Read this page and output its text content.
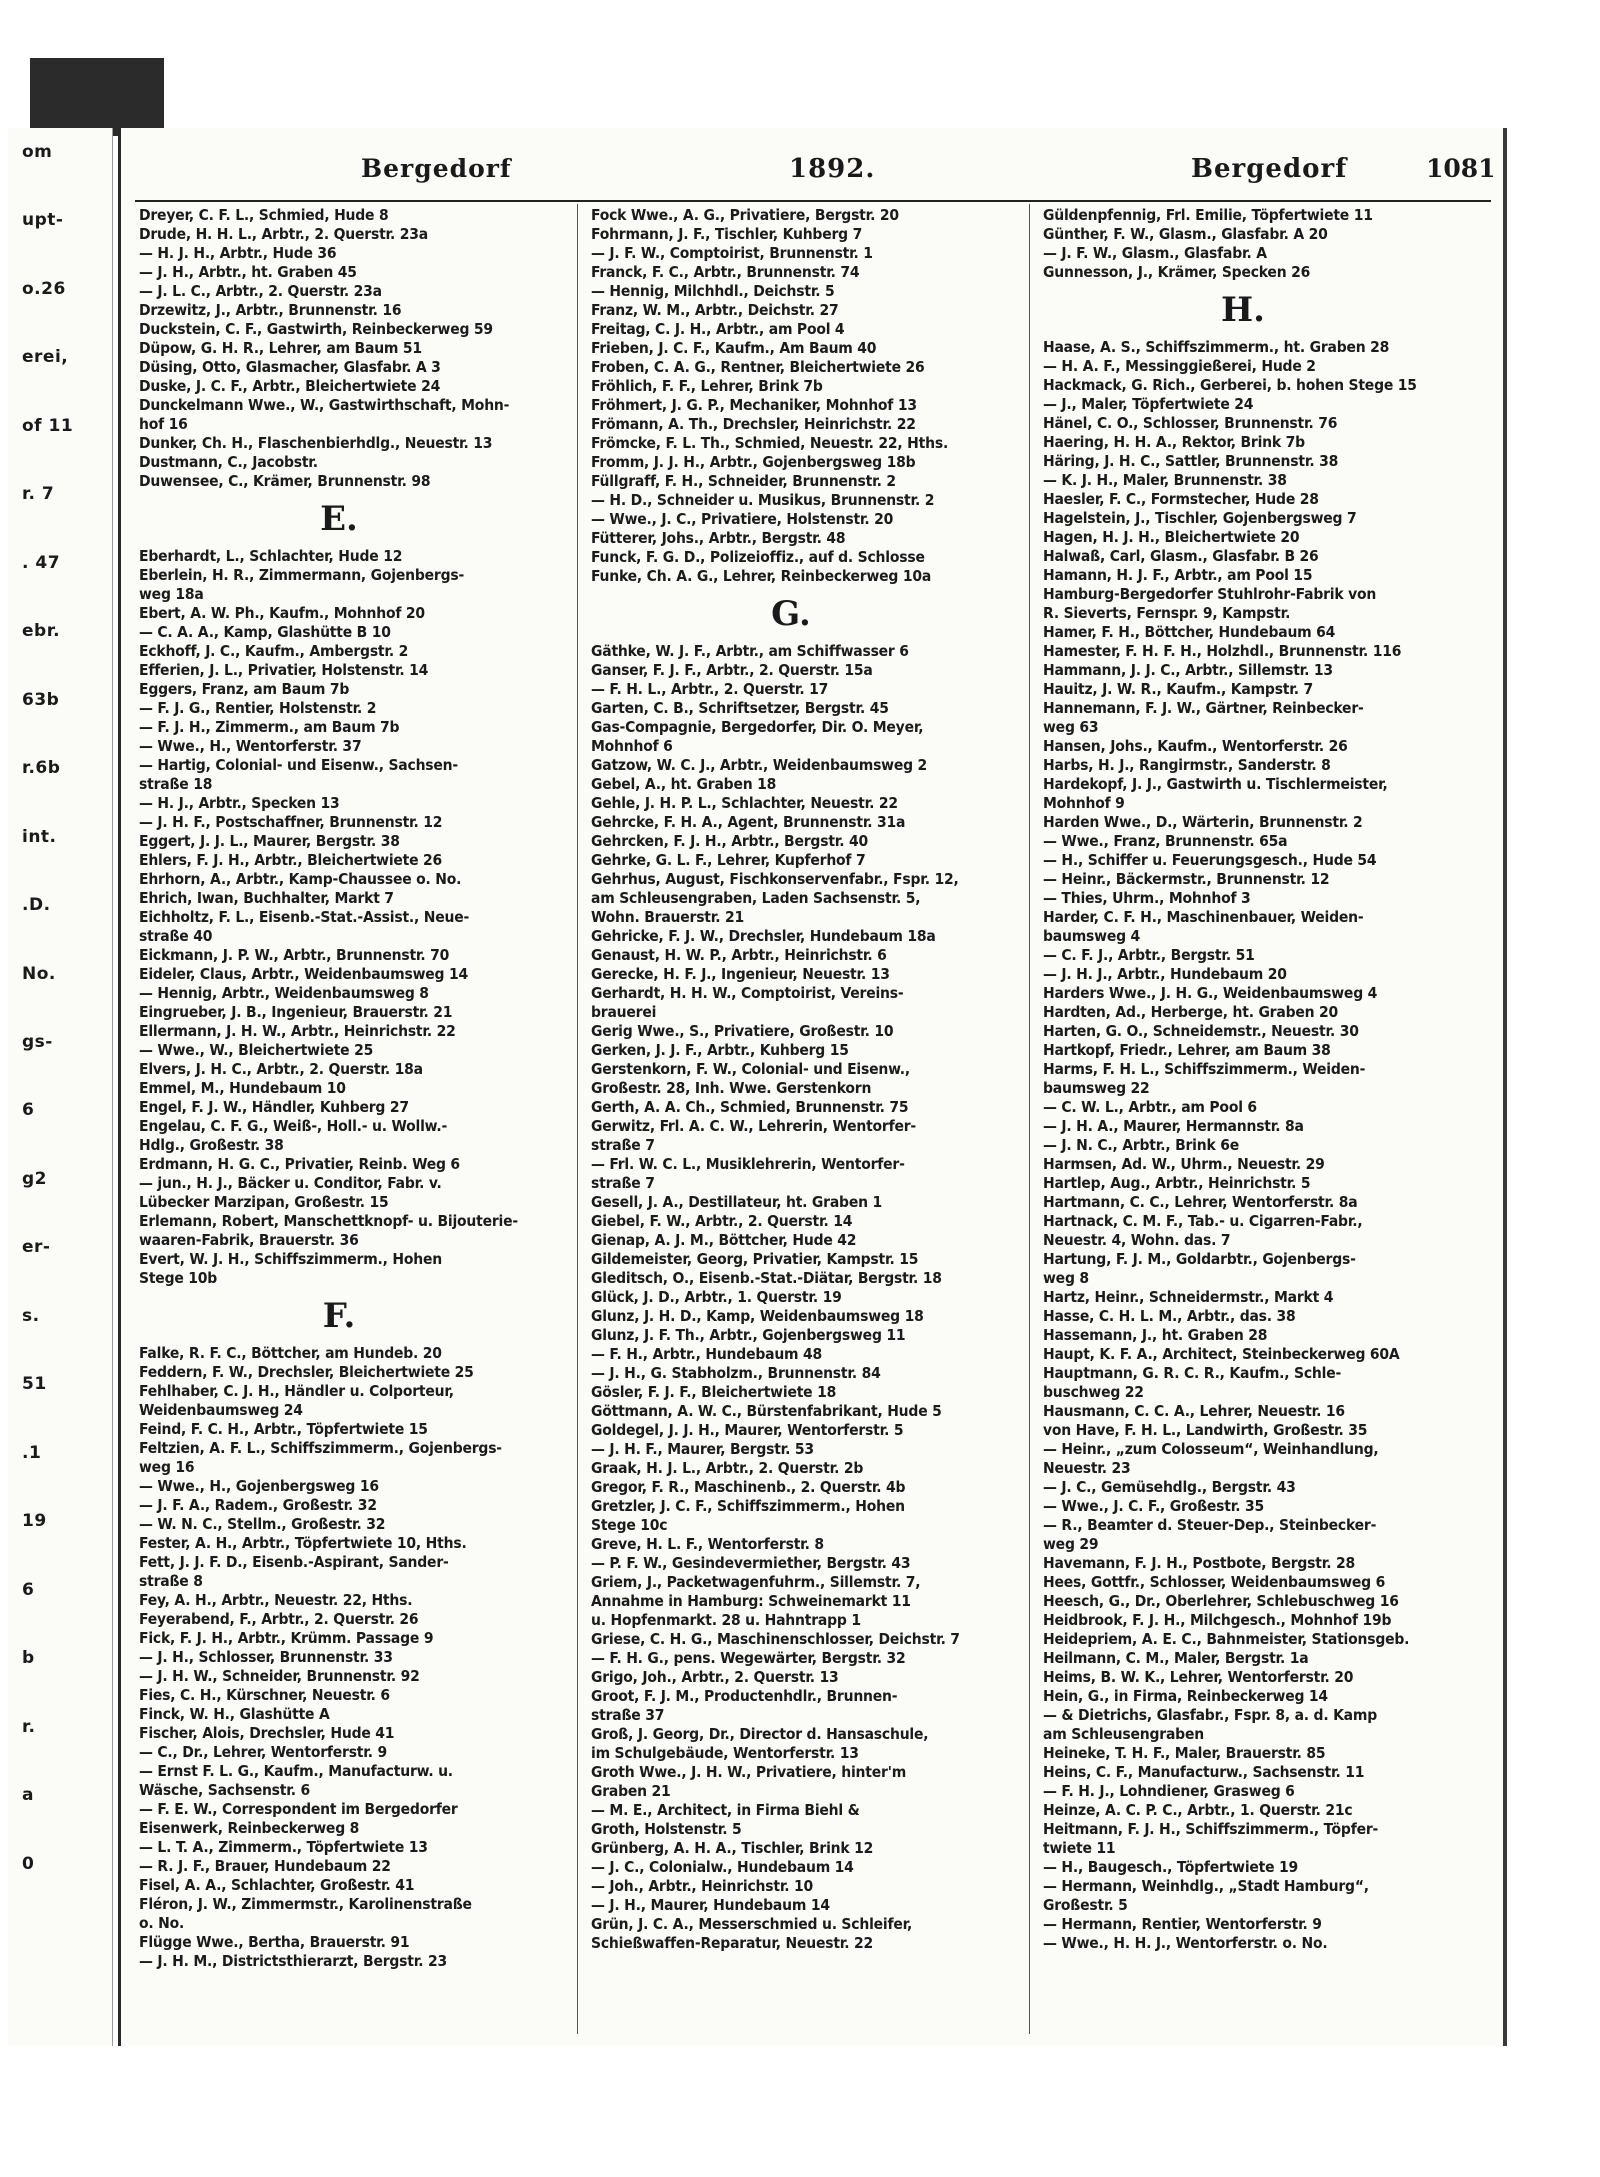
om
upt-
o.26
erei,
of 11
r. 7
. 47
ebr.
63b
r.6b
int.
.D.
No.
gs-
6
g2
er-
s.
51
.1
19
6
b
r.
a
0
Bergedorf	1892.	Bergedorf	1081
Dreyer, C. F. L., Schmied, Hude 8
Drude, H. H. L., Arbtr., 2. Querstr. 23a
— H. J. H., Arbtr., Hude 36
— J. H., Arbtr., ht. Graben 45
— J. L. C., Arbtr., 2. Querstr. 23a
Drzewitz, J., Arbtr., Brunnenstr. 16
Duckstein, C. F., Gastwirth, Reinbeckerweg 59
Düpow, G. H. R., Lehrer, am Baum 51
Düsing, Otto, Glasmacher, Glasfabr. A 3
Duske, J. C. F., Arbtr., Bleichertwiete 24
Dunckelmann Wwe., W., Gastwirthschaft, Mohn-
hof 16
Dunker, Ch. H., Flaschenbierhdlg., Neuestr. 13
Dustmann, C., Jacobstr.
Duwensee, C., Krämer, Brunnenstr. 98
E.
Eberhardt, L., Schlachter, Hude 12
Eberlein, H. R., Zimmermann, Gojenbergs-
weg 18a
Ebert, A. W. Ph., Kaufm., Mohnhof 20
— C. A. A., Kamp, Glashütte B 10
Eckhoff, J. C., Kaufm., Ambergstr. 2
Efferien, J. L., Privatier, Holstenstr. 14
Eggers, Franz, am Baum 7b
— F. J. G., Rentier, Holstenstr. 2
— F. J. H., Zimmerm., am Baum 7b
— Wwe., H., Wentorferstr. 37
— Hartig, Colonial- und Eisenw., Sachsen-
straße 18
— H. J., Arbtr., Specken 13
— J. H. F., Postschaffner, Brunnenstr. 12
Eggert, J. J. L., Maurer, Bergstr. 38
Ehlers, F. J. H., Arbtr., Bleichertwiete 26
Ehrhorn, A., Arbtr., Kamp-Chaussee o. No.
Ehrich, Iwan, Buchhalter, Markt 7
Eichholtz, F. L., Eisenb.-Stat.-Assist., Neue-
straße 40
Eickmann, J. P. W., Arbtr., Brunnenstr. 70
Eideler, Claus, Arbtr., Weidenbaumsweg 14
— Hennig, Arbtr., Weidenbaumsweg 8
Eingrueber, J. B., Ingenieur, Brauerstr. 21
Ellermann, J. H. W., Arbtr., Heinrichstr. 22
— Wwe., W., Bleichertwiete 25
Elvers, J. H. C., Arbtr., 2. Querstr. 18a
Emmel, M., Hundebaum 10
Engel, F. J. W., Händler, Kuhberg 27
Engelau, C. F. G., Weiß-, Holl.- u. Wollw.-
Hdlg., Großestr. 38
Erdmann, H. G. C., Privatier, Reinb. Weg 6
— jun., H. J., Bäcker u. Conditor, Fabr. v.
Lübecker Marzipan, Großestr. 15
Erlemann, Robert, Manschettknopf- u. Bijouterie-
waaren-Fabrik, Brauerstr. 36
Evert, W. J. H., Schiffszimmerm., Hohen
Stege 10b
F.
Falke, R. F. C., Böttcher, am Hundeb. 20
Feddern, F. W., Drechsler, Bleichertwiete 25
Fehlhaber, C. J. H., Händler u. Colporteur,
Weidenbaumsweg 24
Feind, F. C. H., Arbtr., Töpfertwiete 15
Feltzien, A. F. L., Schiffszimmerm., Gojenbergs-
weg 16
— Wwe., H., Gojenbergsweg 16
— J. F. A., Radem., Großestr. 32
— W. N. C., Stellm., Großestr. 32
Fester, A. H., Arbtr., Töpfertwiete 10, Hths.
Fett, J. J. F. D., Eisenb.-Aspirant, Sander-
straße 8
Fey, A. H., Arbtr., Neuestr. 22, Hths.
Feyerabend, F., Arbtr., 2. Querstr. 26
Fick, F. J. H., Arbtr., Krümm. Passage 9
— J. H., Schlosser, Brunnenstr. 33
— J. H. W., Schneider, Brunnenstr. 92
Fies, C. H., Kürschner, Neuestr. 6
Finck, W. H., Glashütte A
Fischer, Alois, Drechsler, Hude 41
— C., Dr., Lehrer, Wentorferstr. 9
— Ernst F. L. G., Kaufm., Manufacturw. u.
Wäsche, Sachsenstr. 6
— F. E. W., Correspondent im Bergedorfer
Eisenwerk, Reinbeckerweg 8
— L. T. A., Zimmerm., Töpfertwiete 13
— R. J. F., Brauer, Hundebaum 22
Fisel, A. A., Schlachter, Großestr. 41
Fléron, J. W., Zimmermstr., Karolinenstraße
o. No.
Flügge Wwe., Bertha, Brauerstr. 91
— J. H. M., Districtsthierarzt, Bergstr. 23
Fock Wwe., A. G., Privatiere, Bergstr. 20
Fohrmann, J. F., Tischler, Kuhberg 7
— J. F. W., Comptoirist, Brunnenstr. 1
Franck, F. C., Arbtr., Brunnenstr. 74
— Hennig, Milchhdl., Deichstr. 5
Franz, W. M., Arbtr., Deichstr. 27
Freitag, C. J. H., Arbtr., am Pool 4
Frieben, J. C. F., Kaufm., Am Baum 40
Froben, C. A. G., Rentner, Bleichertwiete 26
Fröhlich, F. F., Lehrer, Brink 7b
Fröhmert, J. G. P., Mechaniker, Mohnhof 13
Frömann, A. Th., Drechsler, Heinrichstr. 22
Frömcke, F. L. Th., Schmied, Neuestr. 22, Hths.
Fromm, J. J. H., Arbtr., Gojenbergsweg 18b
Füllgraff, F. H., Schneider, Brunnenstr. 2
— H. D., Schneider u. Musikus, Brunnenstr. 2
— Wwe., J. C., Privatiere, Holstenstr. 20
Fütterer, Johs., Arbtr., Bergstr. 48
Funck, F. G. D., Polizeioffiz., auf d. Schlosse
Funke, Ch. A. G., Lehrer, Reinbeckerweg 10a
G.
Gäthke, W. J. F., Arbtr., am Schiffwasser 6
Ganser, F. J. F., Arbtr., 2. Querstr. 15a
— F. H. L., Arbtr., 2. Querstr. 17
Garten, C. B., Schriftsetzer, Bergstr. 45
Gas-Compagnie, Bergedorfer, Dir. O. Meyer,
Mohnhof 6
Gatzow, W. C. J., Arbtr., Weidenbaumsweg 2
Gebel, A., ht. Graben 18
Gehle, J. H. P. L., Schlachter, Neuestr. 22
Gehrcke, F. H. A., Agent, Brunnenstr. 31a
Gehrcken, F. J. H., Arbtr., Bergstr. 40
Gehrke, G. L. F., Lehrer, Kupferhof 7
Gehrhus, August, Fischkonservenfabr., Fspr. 12,
am Schleusengraben, Laden Sachsenstr. 5,
Wohn. Brauerstr. 21
Gehricke, F. J. W., Drechsler, Hundebaum 18a
Genaust, H. W. P., Arbtr., Heinrichstr. 6
Gerecke, H. F. J., Ingenieur, Neuestr. 13
Gerhardt, H. H. W., Comptoirist, Vereins-
brauerei
Gerig Wwe., S., Privatiere, Großestr. 10
Gerken, J. J. F., Arbtr., Kuhberg 15
Gerstenkorn, F. W., Colonial- und Eisenw.,
Großestr. 28, Inh. Wwe. Gerstenkorn
Gerth, A. A. Ch., Schmied, Brunnenstr. 75
Gerwitz, Frl. A. C. W., Lehrerin, Wentorfer-
straße 7
— Frl. W. C. L., Musiklehrerin, Wentorfer-
straße 7
Gesell, J. A., Destillateur, ht. Graben 1
Giebel, F. W., Arbtr., 2. Querstr. 14
Gienap, A. J. M., Böttcher, Hude 42
Gildemeister, Georg, Privatier, Kampstr. 15
Gleditsch, O., Eisenb.-Stat.-Diätar, Bergstr. 18
Glück, J. D., Arbtr., 1. Querstr. 19
Glunz, J. H. D., Kamp, Weidenbaumsweg 18
Glunz, J. F. Th., Arbtr., Gojenbergsweg 11
— F. H., Arbtr., Hundebaum 48
— J. H., G. Stabholzm., Brunnenstr. 84
Gösler, F. J. F., Bleichertwiete 18
Göttmann, A. W. C., Bürstenfabrikant, Hude 5
Goldegel, J. J. H., Maurer, Wentorferstr. 5
— J. H. F., Maurer, Bergstr. 53
Graak, H. J. L., Arbtr., 2. Querstr. 2b
Gregor, F. R., Maschinenb., 2. Querstr. 4b
Gretzler, J. C. F., Schiffszimmerm., Hohen
Stege 10c
Greve, H. L. F., Wentorferstr. 8
— P. F. W., Gesindevermiether, Bergstr. 43
Griem, J., Packetwagenfuhrm., Sillemstr. 7,
Annahme in Hamburg: Schweinemarkt 11
u. Hopfenmarkt. 28 u. Hahntrapp 1
Griese, C. H. G., Maschinenschlosser, Deichstr. 7
— F. H. G., pens. Wegewärter, Bergstr. 32
Grigo, Joh., Arbtr., 2. Querstr. 13
Groot, F. J. M., Productenhdlr., Brunnen-
straße 37
Groß, J. Georg, Dr., Director d. Hansaschule,
im Schulgebäude, Wentorferstr. 13
Groth Wwe., J. H. W., Privatiere, hinter'm
Graben 21
— M. E., Architect, in Firma Biehl &
Groth, Holstenstr. 5
Grünberg, A. H. A., Tischler, Brink 12
— J. C., Colonialw., Hundebaum 14
— Joh., Arbtr., Heinrichstr. 10
— J. H., Maurer, Hundebaum 14
Grün, J. C. A., Messerschmied u. Schleifer,
Schießwaffen-Reparatur, Neuestr. 22
Güldenpfennig, Frl. Emilie, Töpfertwiete 11
Günther, F. W., Glasm., Glasfabr. A 20
— J. F. W., Glasm., Glasfabr. A
Gunnesson, J., Krämer, Specken 26
H.
Haase, A. S., Schiffszimmerm., ht. Graben 28
— H. A. F., Messinggießerei, Hude 2
Hackmack, G. Rich., Gerberei, b. hohen Stege 15
— J., Maler, Töpfertwiete 24
Hänel, C. O., Schlosser, Brunnenstr. 76
Haering, H. H. A., Rektor, Brink 7b
Häring, J. H. C., Sattler, Brunnenstr. 38
— K. J. H., Maler, Brunnenstr. 38
Haesler, F. C., Formstecher, Hude 28
Hagelstein, J., Tischler, Gojenbergsweg 7
Hagen, H. J. H., Bleichertwiete 20
Halwaß, Carl, Glasm., Glasfabr. B 26
Hamann, H. J. F., Arbtr., am Pool 15
Hamburg-Bergedorfer Stuhlrohr-Fabrik von
R. Sieverts, Fernspr. 9, Kampstr.
Hamer, F. H., Böttcher, Hundebaum 64
Hamester, F. H. F. H., Holzhdl., Brunnenstr. 116
Hammann, J. J. C., Arbtr., Sillemstr. 13
Hauitz, J. W. R., Kaufm., Kampstr. 7
Hannemann, F. J. W., Gärtner, Reinbecker-
weg 63
Hansen, Johs., Kaufm., Wentorferstr. 26
Harbs, H. J., Rangirmstr., Sanderstr. 8
Hardekopf, J. J., Gastwirth u. Tischlermeister,
Mohnhof 9
Harden Wwe., D., Wärterin, Brunnenstr. 2
— Wwe., Franz, Brunnenstr. 65a
— H., Schiffer u. Feuerungsgesch., Hude 54
— Heinr., Bäckermstr., Brunnenstr. 12
— Thies, Uhrm., Mohnhof 3
Harder, C. F. H., Maschinenbauer, Weiden-
baumsweg 4
— C. F. J., Arbtr., Bergstr. 51
— J. H. J., Arbtr., Hundebaum 20
Harders Wwe., J. H. G., Weidenbaumsweg 4
Hardten, Ad., Herberge, ht. Graben 20
Harten, G. O., Schneidemstr., Neuestr. 30
Hartkopf, Friedr., Lehrer, am Baum 38
Harms, F. H. L., Schiffszimmerm., Weiden-
baumsweg 22
— C. W. L., Arbtr., am Pool 6
— J. H. A., Maurer, Hermannstr. 8a
— J. N. C., Arbtr., Brink 6e
Harmsen, Ad. W., Uhrm., Neuestr. 29
Hartlep, Aug., Arbtr., Heinrichstr. 5
Hartmann, C. C., Lehrer, Wentorferstr. 8a
Hartnack, C. M. F., Tab.- u. Cigarren-Fabr.,
Neuestr. 4, Wohn. das. 7
Hartung, F. J. M., Goldarbtr., Gojenbergs-
weg 8
Hartz, Heinr., Schneidermstr., Markt 4
Hasse, C. H. L. M., Arbtr., das. 38
Hassemann, J., ht. Graben 28
Haupt, K. F. A., Architect, Steinbeckerweg 60A
Hauptmann, G. R. C. R., Kaufm., Schle-
buschweg 22
Hausmann, C. C. A., Lehrer, Neuestr. 16
von Have, F. H. L., Landwirth, Großestr. 35
— Heinr., „zum Colosseum“, Weinhandlung,
Neuestr. 23
— J. C., Gemüsehdlg., Bergstr. 43
— Wwe., J. C. F., Großestr. 35
— R., Beamter d. Steuer-Dep., Steinbecker-
weg 29
Havemann, F. J. H., Postbote, Bergstr. 28
Hees, Gottfr., Schlosser, Weidenbaumsweg 6
Heesch, G., Dr., Oberlehrer, Schlebuschweg 16
Heidbrook, F. J. H., Milchgesch., Mohnhof 19b
Heidepriem, A. E. C., Bahnmeister, Stationsgeb.
Heilmann, C. M., Maler, Bergstr. 1a
Heims, B. W. K., Lehrer, Wentorferstr. 20
Hein, G., in Firma, Reinbeckerweg 14
— & Dietrichs, Glasfabr., Fspr. 8, a. d. Kamp
am Schleusengraben
Heineke, T. H. F., Maler, Brauerstr. 85
Heins, C. F., Manufacturw., Sachsenstr. 11
— F. H. J., Lohndiener, Grasweg 6
Heinze, A. C. P. C., Arbtr., 1. Querstr. 21c
Heitmann, F. J. H., Schiffszimmerm., Töpfer-
twiete 11
— H., Baugesch., Töpfertwiete 19
— Hermann, Weinhdlg., „Stadt Hamburg“,
Großestr. 5
— Hermann, Rentier, Wentorferstr. 9
— Wwe., H. H. J., Wentorferstr. o. No.
